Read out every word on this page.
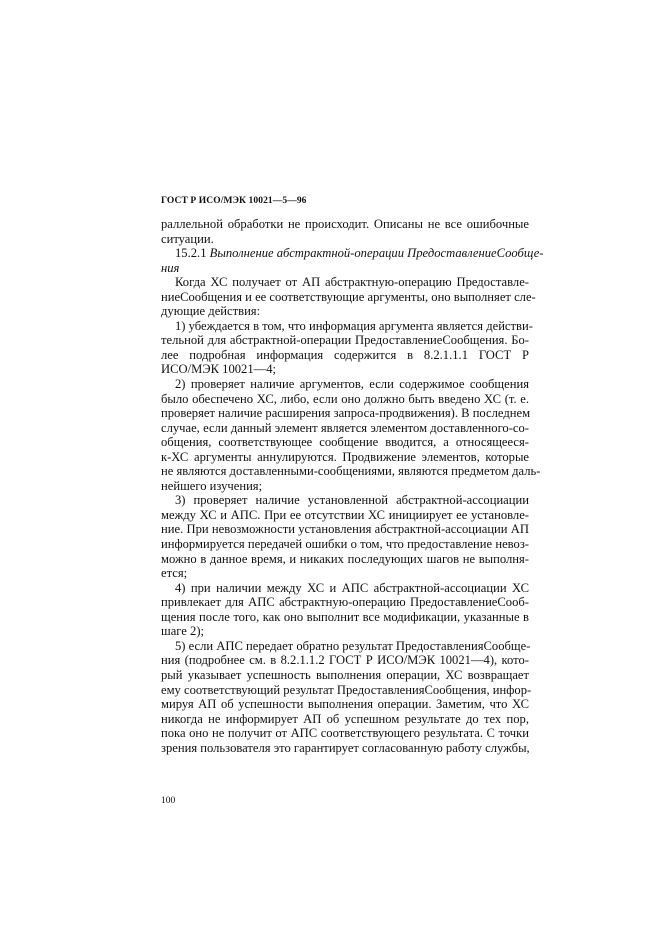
ГОСТ Р ИСО/МЭК 10021—5—96

раллельной обработки не происходит. Описаны не все ошибочные
ситуации.

15.2.1 Выполнение абстрактной-операции ПредоставлениеСообще-
ния

Когда ХС получает от АП абстрактную-операцию Предоставле-
ниеСообщения и ее соответствующие аргументы, оно выполняет сле-
дующие действия:

1) убеждается в том, что информация аргумента является действи-
тельной для абстрактной-операции ПредоставлениеСообщения. Бо-
лее подробная информация содержится в 8.2.1.1.1 ГОСТ Р
ИСО/МЭК 10021—4;

2) проверяет наличие аргументов, если содержимое сообщения
было обеспечено ХС, либо, если оно должно быть введено ХС (т. е.
проверяет наличие расширения запроса-продвижения). В последнем
случае, если данный элемент является элементом доставленного-со-
общения, соответствующее сообщение вводится, а относящееся-
к-ХС аргументы аннулируются. Продвижение элементов, которые
не являются доставленными-сообщениями, являются предметом даль-
нейшего изучения;

3) проверяет наличие установленной абстрактной-ассоциации
между ХС и АПС. При ее отсутствии ХС инициирует ее установле-
ние. При невозможности установления абстрактной-ассоциации АП
информируется передачей ошибки о том, что предоставление невоз-
можно в данное время, и никаких последующих шагов не выполня-
ется;

4) при наличии между ХС и АПС абстрактной-ассоциации ХС
привлекает для АПС абстрактную-операцию ПредоставлениеСооб-
щения после того, как оно выполнит все модификации, указанные в
шаге 2);

5) если АПС передает обратно результат ПредоставленияСообще-
ния (подробнее см. в 8.2.1.1.2 ГОСТ Р ИСО/МЭК 10021—4), кото-
рый указывает успешность выполнения операции, ХС возвращает
ему соответствующий результат ПредоставленияСообщения, инфор-
мируя АП об успешности выполнения операции. Заметим, что ХС
никогда не информирует АП об успешном результате до тех пор,
пока оно не получит от АПС соответствующего результата. С точки
зрения пользователя это гарантирует согласованную работу службы,

100
